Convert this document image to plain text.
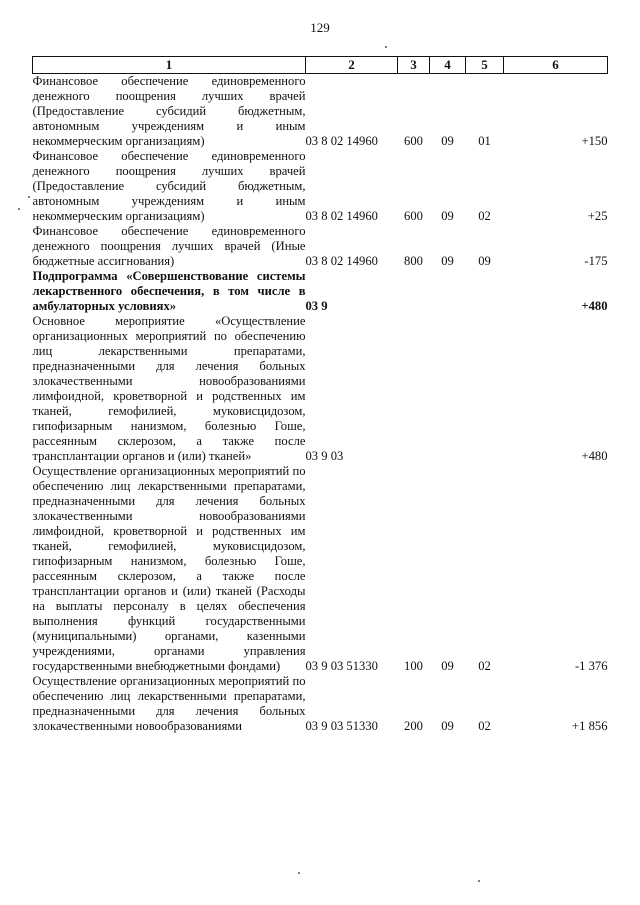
129
1	2	3	4	5	6
Финансовое обеспечение единовременного денежного поощрения лучших врачей (Предоставление субсидий бюджетным, автономным учреждениям и иным некоммерческим организациям)	03 8 02 14960	600	09	01	+150
Финансовое обеспечение единовременного денежного поощрения лучших врачей (Предоставление субсидий бюджетным, автономным учреждениям и иным некоммерческим организациям)	03 8 02 14960	600	09	02	+25
Финансовое обеспечение единовременного денежного поощрения лучших врачей (Иные бюджетные ассигнования)	03 8 02 14960	800	09	09	-175
Подпрограмма «Совершенствование системы лекарственного обеспечения, в том числе в амбулаторных условиях»	03 9				+480
Основное мероприятие «Осуществление организационных мероприятий по обеспечению лиц лекарственными препаратами, предназначенными для лечения больных злокачественными новообразованиями лимфоидной, кроветворной и родственных им тканей, гемофилией, муковисцидозом, гипофизарным нанизмом, болезнью Гоше, рассеянным склерозом, а также после трансплантации органов и (или) тканей»	03 9 03				+480
Осуществление организационных мероприятий по обеспечению лиц лекарственными препаратами, предназначенными для лечения больных злокачественными новообразованиями лимфоидной, кроветворной и родственных им тканей, гемофилией, муковисцидозом, гипофизарным нанизмом, болезнью Гоше, рассеянным склерозом, а также после трансплантации органов и (или) тканей (Расходы на выплаты персоналу в целях обеспечения выполнения функций государственными (муниципальными) органами, казенными учреждениями, органами управления государственными внебюджетными фондами)	03 9 03 51330	100	09	02	-1 376
Осуществление организационных мероприятий по обеспечению лиц лекарственными препаратами, предназначенными для лечения больных злокачественными новообразованиями	03 9 03 51330	200	09	02	+1 856
